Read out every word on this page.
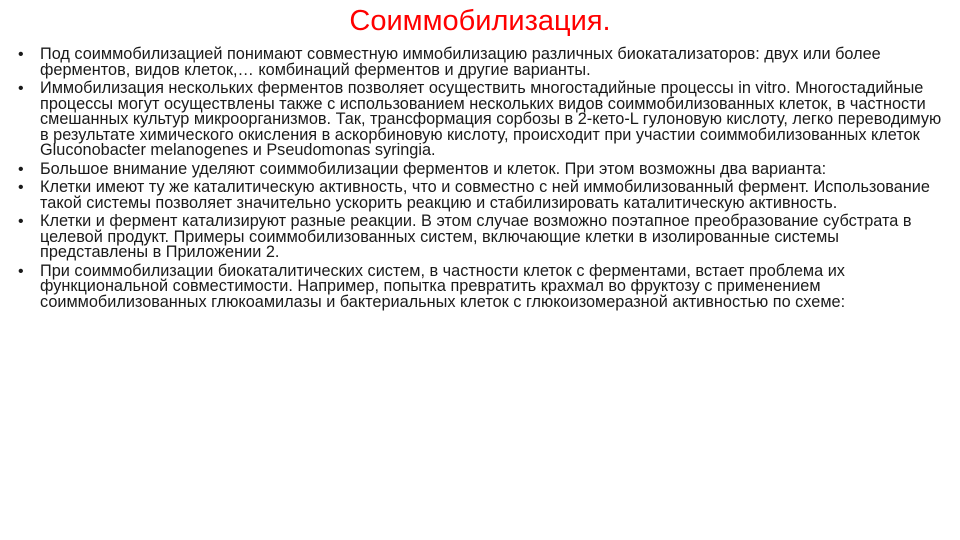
Соиммобилизация.
•	Под соиммобилизацией понимают совместную иммобилизацию различных биокатализаторов: двух или более ферментов, видов клеток,… комбинаций ферментов и другие варианты.
•	Иммобилизация нескольких ферментов позволяет осуществить многостадийные процессы in vitro. Многостадийные процессы могут осуществлены также с использованием нескольких видов соиммобилизованных клеток, в частности смешанных культур микроорганизмов. Так, трансформация сорбозы в 2-кето-L гулоновую кислоту, легко переводимую в результате химического окисления в аскорбиновую кислоту, происходит при участии соиммобилизованных клеток Gluconobacter melanogenes и Pseudomonas syringia.
•	Большое внимание уделяют соиммобилизации ферментов и клеток. При этом возможны два варианта:
•	Клетки имеют ту же каталитическую активность, что и совместно с ней иммобилизованный фермент. Использование такой системы позволяет значительно ускорить реакцию и стабилизировать каталитическую активность.
•	Клетки и фермент катализируют разные реакции. В этом случае возможно поэтапное преобразование субстрата в целевой продукт. Примеры соиммобилизованных систем, включающие клетки в изолированные системы представлены в Приложении 2.
•	При соиммобилизации биокаталитических систем, в частности клеток с ферментами, встает проблема их функциональной совместимости. Например, попытка превратить крахмал во фруктозу с применением соиммобилизованных глюкоамилазы и бактериальных клеток с глюкоизомеразной активностью по схеме:
